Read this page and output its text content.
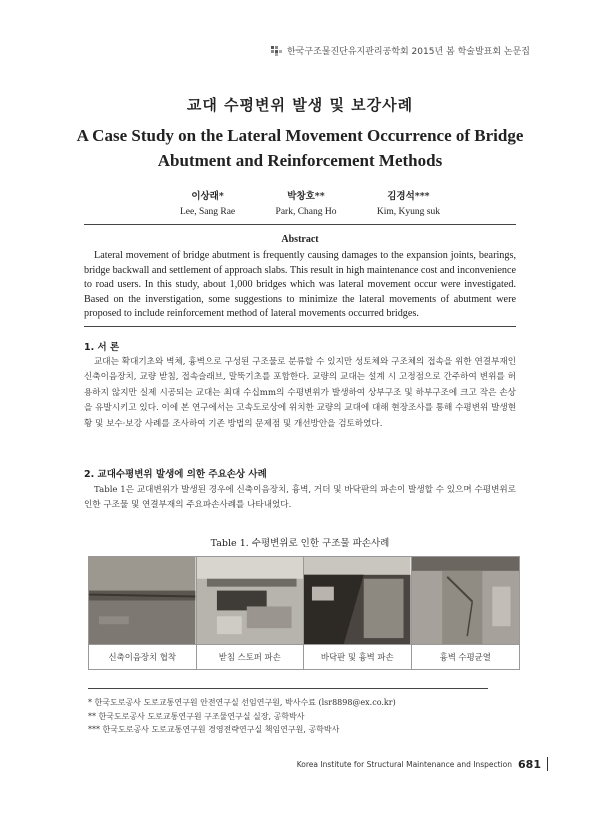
한국구조물진단유지관리공학회 2015년 봄 학술발표회 논문집
교대 수평변위 발생 및 보강사례
A Case Study on the Lateral Movement Occurrence of Bridge Abutment and Reinforcement Methods
이상래*
Lee, Sang Rae
박창호**
Park, Chang Ho
김경석***
Kim, Kyung suk
Abstract
Lateral movement of bridge abutment is frequently causing damages to the expansion joints, bearings, bridge backwall and settlement of approach slabs. This result in high maintenance cost and inconvenience to road users. In this study, about 1,000 bridges which was lateral movement occur were investigated. Based on the inverstigation, some suggestions to minimize the lateral movements of abutment were proposed to include reinforcement method of lateral movements occurred bridges.
1. 서 론
교대는 확대기초와 벽체, 흉벽으로 구성된 구조물로 분류할 수 있지만 성토체와 구조체의 접속을 위한 연결부재인 신축이음장치, 교량 받침, 접속슬래브, 말뚝기초를 포함한다. 교량의 교대는 설계 시 고정점으로 간주하여 변위를 허용하지 않지만 실제 시공되는 교대는 최대 수십mm의 수평변위가 발생하여 상부구조 및 하부구조에 크고 작은 손상을 유발시키고 있다. 이에 본 연구에서는 고속도로상에 위치한 교량의 교대에 대해 현장조사를 통해 수평변위 발생현황 및 보수·보강 사례를 조사하여 기존 방법의 문제점 및 개선방안을 검토하였다.
2. 교대수평변위 발생에 의한 주요손상 사례
Table 1은 교대변위가 발생된 경우에 신축이음장치, 흉벽, 거더 및 바닥판의 파손이 발생할 수 있으며 수평변위로 인한 구조물 및 연결부재의 주요파손사례를 나타내었다.
Table 1. 수평변위로 인한 구조물 파손사례
신축이음장치 협착	받침 스토퍼 파손	바닥판 및 흉벽 파손	흉벽 수평균열
* 한국도로공사 도로교통연구원 안전연구실 선임연구원, 박사수료 (lsr8898@ex.co.kr)
** 한국도로공사 도로교통연구원 구조물연구실 실장, 공학박사
*** 한국도로공사 도로교통연구원 경영전략연구실 책임연구원, 공학박사
Korea Institute for Structural Maintenance and Inspection 681
